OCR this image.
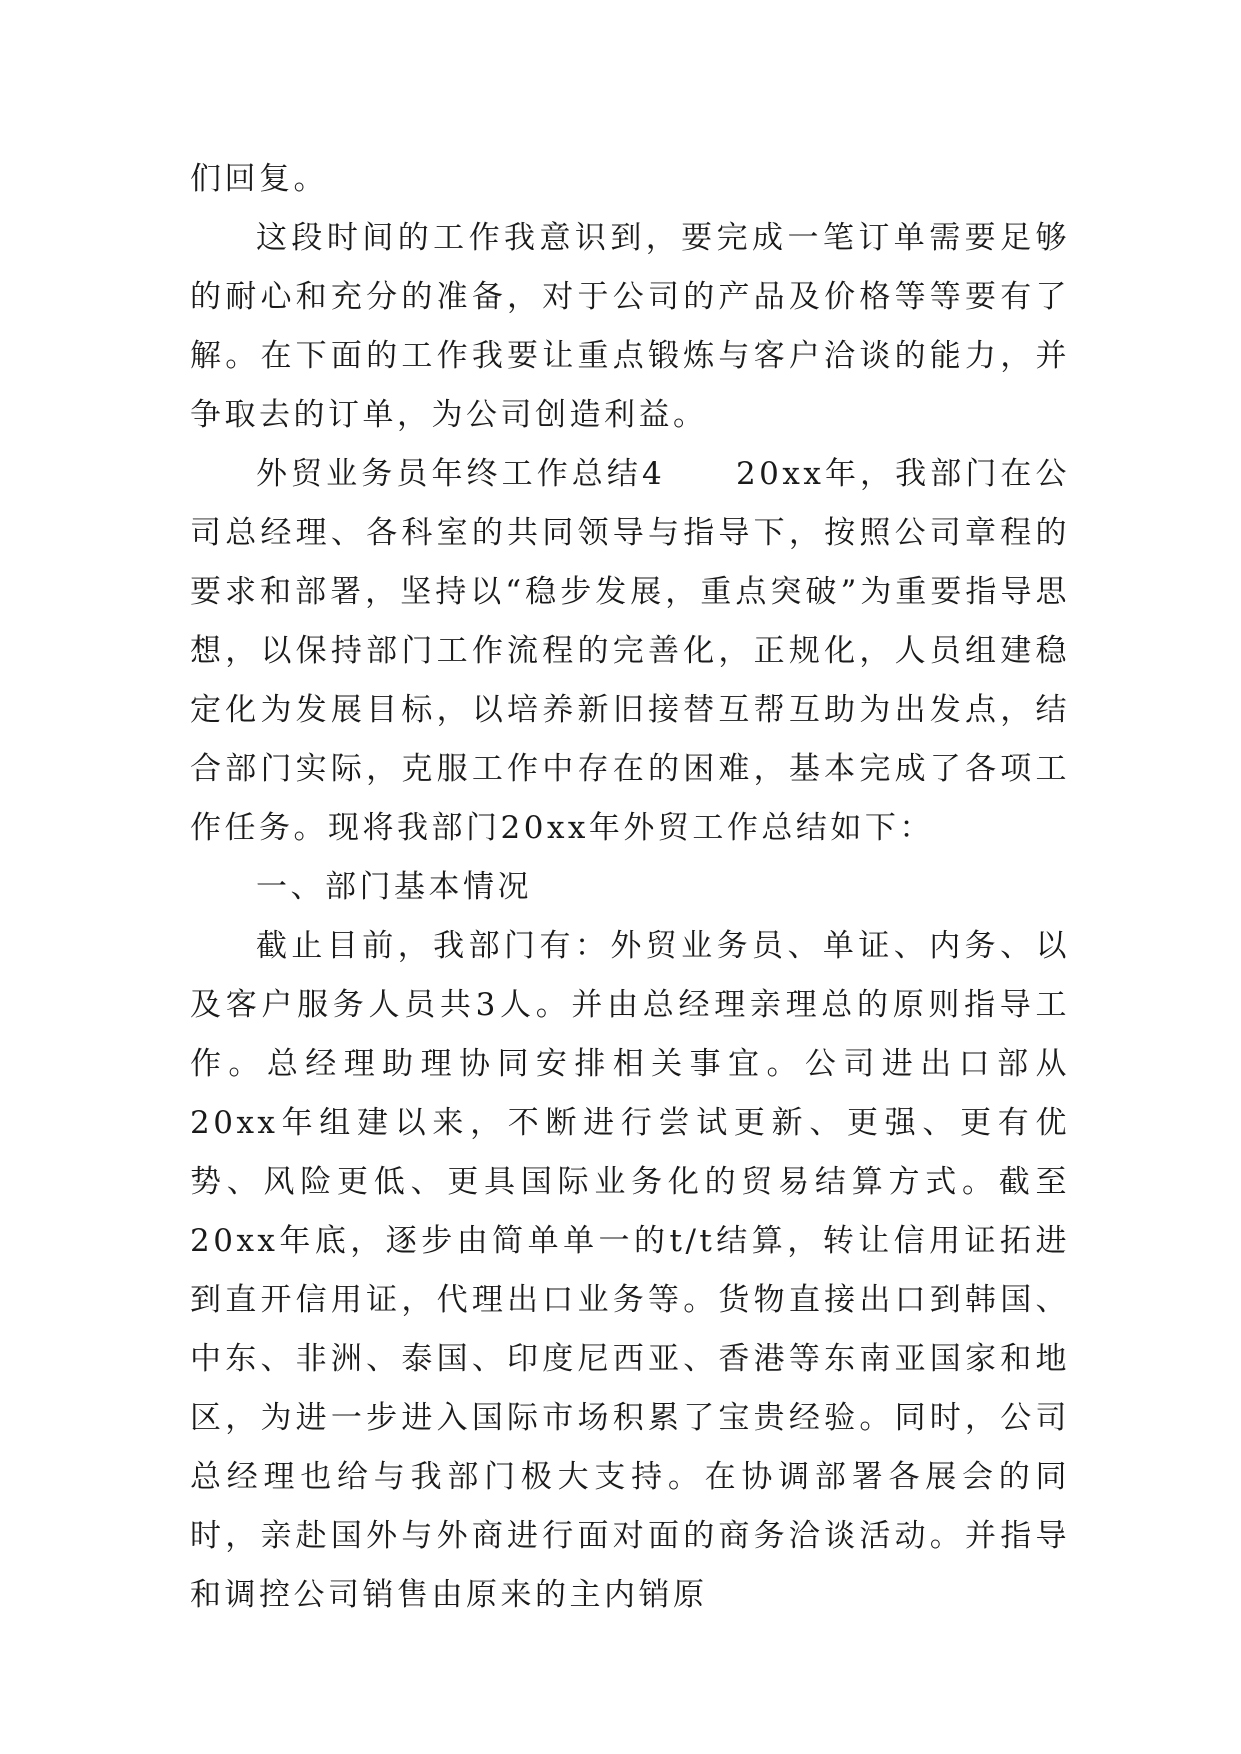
们回复。

这段时间的工作我意识到，要完成一笔订单需要足够的耐心和充分的准备，对于公司的产品及价格等等要有了解。在下面的工作我要让重点锻炼与客户洽谈的能力，并争取去的订单，为公司创造利益。

外贸业务员年终工作总结4　　20xx年，我部门在公司总经理、各科室的共同领导与指导下，按照公司章程的要求和部署，坚持以“稳步发展，重点突破”为重要指导思想，以保持部门工作流程的完善化，正规化，人员组建稳定化为发展目标，以培养新旧接替互帮互助为出发点，结合部门实际，克服工作中存在的困难，基本完成了各项工作任务。现将我部门20xx年外贸工作总结如下：

一、部门基本情况

截止目前，我部门有：外贸业务员、单证、内务、以及客户服务人员共3人。并由总经理亲理总的原则指导工作。总经理助理协同安排相关事宜。公司进出口部从20xx年组建以来，不断进行尝试更新、更强、更有优势、风险更低、更具国际业务化的贸易结算方式。截至20xx年底，逐步由简单单一的t/t结算，转让信用证拓进到直开信用证，代理出口业务等。货物直接出口到韩国、中东、非洲、泰国、印度尼西亚、香港等东南亚国家和地区，为进一步进入国际市场积累了宝贵经验。同时，公司总经理也给与我部门极大支持。在协调部署各展会的同时，亲赴国外与外商进行面对面的商务洽谈活动。并指导和调控公司销售由原来的主内销原
